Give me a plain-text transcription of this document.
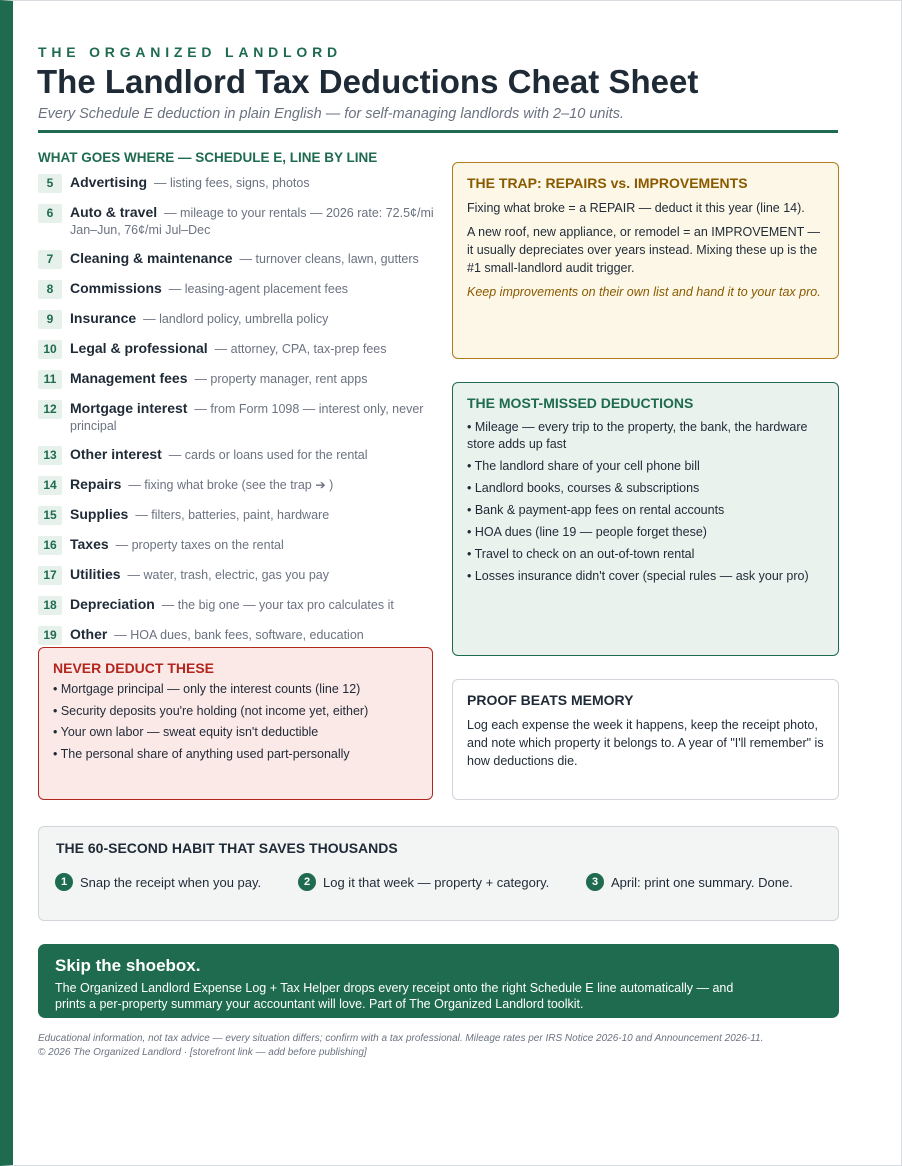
THE ORGANIZED LANDLORD
The Landlord Tax Deductions Cheat Sheet
Every Schedule E deduction in plain English — for self-managing landlords with 2–10 units.
WHAT GOES WHERE — SCHEDULE E, LINE BY LINE
5	Advertising — listing fees, signs, photos
6	Auto & travel — mileage to your rentals — 2026 rate: 72.5¢/mi Jan–Jun, 76¢/mi Jul–Dec
7	Cleaning & maintenance — turnover cleans, lawn, gutters
8	Commissions — leasing-agent placement fees
9	Insurance — landlord policy, umbrella policy
10 Legal & professional — attorney, CPA, tax-prep fees
11 Management fees — property manager, rent apps
12 Mortgage interest — from Form 1098 — interest only, never principal
13 Other interest — cards or loans used for the rental
14 Repairs — fixing what broke (see the trap ➔ )
15 Supplies — filters, batteries, paint, hardware
16 Taxes — property taxes on the rental
17 Utilities — water, trash, electric, gas you pay
18 Depreciation — the big one — your tax pro calculates it
19 Other — HOA dues, bank fees, software, education
THE TRAP: REPAIRS vs. IMPROVEMENTS

Fixing what broke = a REPAIR — deduct it this year (line 14).

A new roof, new appliance, or remodel = an IMPROVEMENT — it usually depreciates over years instead. Mixing these up is the #1 small-landlord audit trigger.

Keep improvements on their own list and hand it to your tax pro.

THE MOST-MISSED DEDUCTIONS
• Mileage — every trip to the property, the bank, the hardware store adds up fast
• The landlord share of your cell phone bill
• Landlord books, courses & subscriptions
• Bank & payment-app fees on rental accounts
• HOA dues (line 19 — people forget these)
• Travel to check on an out-of-town rental
• Losses insurance didn't cover (special rules — ask your pro)
NEVER DEDUCT THESE
• Mortgage principal — only the interest counts (line 12)
• Security deposits you're holding (not income yet, either)
• Your own labor — sweat equity isn't deductible
• The personal share of anything used part-personally
PROOF BEATS MEMORY

Log each expense the week it happens, keep the receipt photo, and note which property it belongs to. A year of "I'll remember" is how deductions die.

THE 60-SECOND HABIT THAT SAVES THOUSANDS
1 Snap the receipt when you pay.	2 Log it that week — property + category.	3 April: print one summary. Done.
Skip the shoebox.

The Organized Landlord Expense Log + Tax Helper drops every receipt onto the right Schedule E line automatically — and prints a per-property summary your accountant will love. Part of The Organized Landlord toolkit.

Educational information, not tax advice — every situation differs; confirm with a tax professional. Mileage rates per IRS Notice 2026-10 and Announcement 2026-11.
© 2026 The Organized Landlord · [storefront link — add before publishing]
